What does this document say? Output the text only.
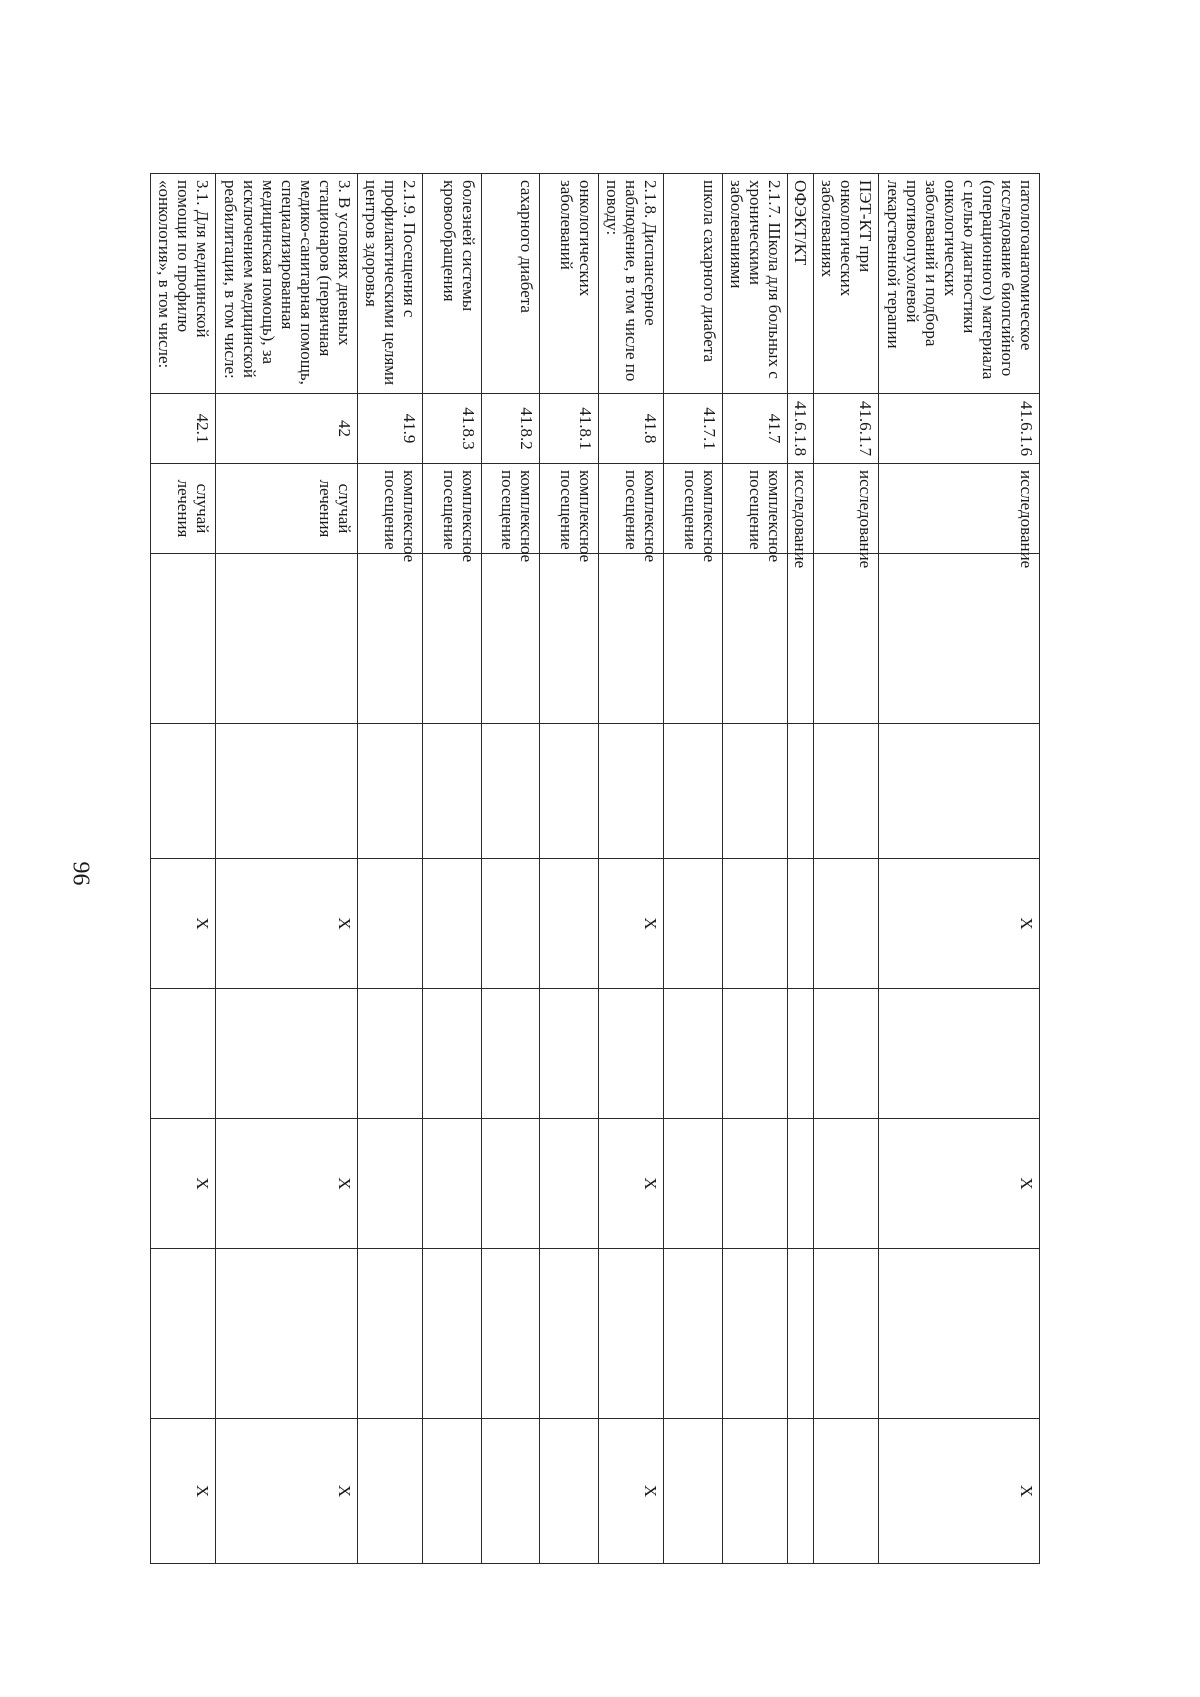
96
патологоанатомическое исследование биопсийного (операционного) материала с целью диагностики онкологических заболеваний и подбора противоопухолевой лекарственной терапии	41.6.1.6	исследование			Х		Х		Х
ПЭТ-КТ при онкологических заболеваниях	41.6.1.7	исследование							
ОФЭКТ/КТ	41.6.1.8	исследование							
2.1.7. Школа для больных с хроническими заболеваниями	41.7	комплексное посещение							
школа сахарного диабета	41.7.1	комплексное посещение							
2.1.8. Диспансерное наблюдение, в том числе по поводу:	41.8	комплексное посещение			Х		Х		Х
онкологических заболеваний	41.8.1	комплексное посещение							
сахарного диабета	41.8.2	комплексное посещение							
болезней системы кровообращения	41.8.3	комплексное посещение							
2.1.9. Посещения с профилактическими целями центров здоровья	41.9	комплексное посещение							
3. В условиях дневных стационаров (первичная медико-санитарная помощь, специализированная медицинская помощь), за исключением медицинской реабилитации, в том числе:	42	случай лечения			Х		Х		Х
3.1. Для медицинской помощи по профилю «онкология», в том числе:	42.1	случай лечения			Х		Х		Х
